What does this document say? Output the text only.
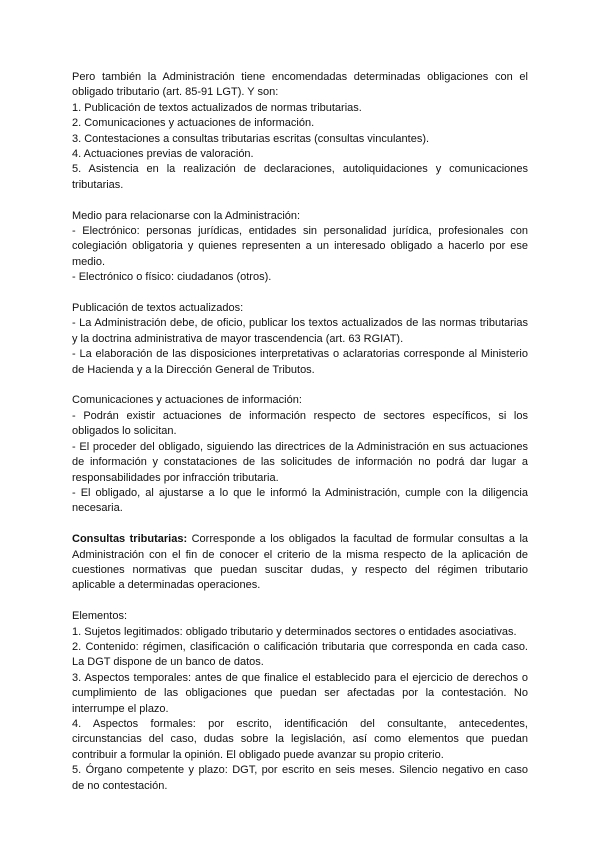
Pero también la Administración tiene encomendadas determinadas obligaciones con el

obligado tributario (art. 85-91 LGT). Y son:

1. Publicación de textos actualizados de normas tributarias.

2. Comunicaciones y actuaciones de información.

3. Contestaciones a consultas tributarias escritas (consultas vinculantes).

4. Actuaciones previas de valoración.

5. Asistencia en la realización de declaraciones, autoliquidaciones y comunicaciones

tributarias.

Medio para relacionarse con la Administración:

- Electrónico: personas jurídicas, entidades sin personalidad jurídica, profesionales con

colegiación obligatoria y quienes representen a un interesado obligado a hacerlo por ese

medio.

- Electrónico o físico: ciudadanos (otros).

Publicación de textos actualizados:

- La Administración debe, de oficio, publicar los textos actualizados de las normas tributarias

y la doctrina administrativa de mayor trascendencia (art. 63 RGIAT).

- La elaboración de las disposiciones interpretativas o aclaratorias corresponde al Ministerio

de Hacienda y a la Dirección General de Tributos.

Comunicaciones y actuaciones de información:

- Podrán existir actuaciones de información respecto de sectores específicos, si los

obligados lo solicitan.

- El proceder del obligado, siguiendo las directrices de la Administración en sus actuaciones

de información y constataciones de las solicitudes de información no podrá dar lugar a

responsabilidades por infracción tributaria.

- El obligado, al ajustarse a lo que le informó la Administración, cumple con la diligencia

necesaria.

Consultas tributarias: Corresponde a los obligados la facultad de formular consultas a la

Administración con el fin de conocer el criterio de la misma respecto de la aplicación de

cuestiones normativas que puedan suscitar dudas, y respecto del régimen tributario

aplicable a determinadas operaciones.

Elementos:

1. Sujetos legitimados: obligado tributario y determinados sectores o entidades asociativas.

2. Contenido: régimen, clasificación o calificación tributaria que corresponda en cada caso.

La DGT dispone de un banco de datos.

3. Aspectos temporales: antes de que finalice el establecido para el ejercicio de derechos o

cumplimiento de las obligaciones que puedan ser afectadas por la contestación. No

interrumpe el plazo.

4. Aspectos formales: por escrito, identificación del consultante, antecedentes,

circunstancias del caso, dudas sobre la legislación, así como elementos que puedan

contribuir a formular la opinión. El obligado puede avanzar su propio criterio.

5. Órgano competente y plazo: DGT, por escrito en seis meses. Silencio negativo en caso

de no contestación.
